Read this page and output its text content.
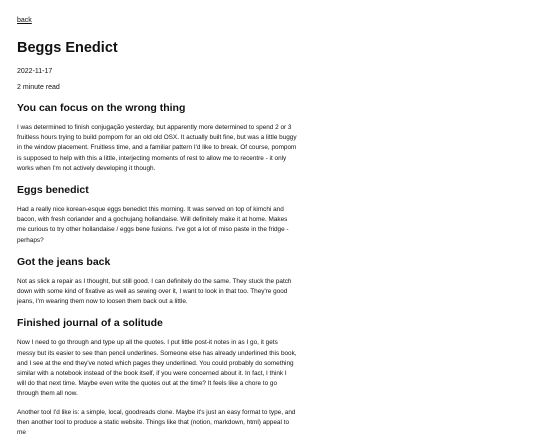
back
Beggs Enedict
2022-11-17
2 minute read
You can focus on the wrong thing

I was determined to finish conjugação yesterday, but apparently more determined to spend 2 or 3 fruitless hours trying to build pompom for an old old OSX. It actually built fine, but was a little buggy in the window placement. Fruitless time, and a familiar pattern I'd like to break. Of course, pompom is supposed to help with this a little, interjecting moments of rest to allow me to recentre - it only works when I'm not actively developing it though.

Eggs benedict

Had a really nice korean-esque eggs benedict this morning. It was served on top of kimchi and bacon, with fresh coriander and a gochujang hollandaise. Will definitely make it at home. Makes me curious to try other hollandaise / eggs bene fusions. I've got a lot of miso paste in the fridge - perhaps?

Got the jeans back

Not as slick a repair as I thought, but still good. I can definitely do the same. They stuck the patch down with some kind of fixative as well as sewing over it, I want to look in that too. They're good jeans, I'm wearing them now to loosen them back out a little.

Finished journal of a solitude

Now I need to go through and type up all the quotes. I put little post-it notes in as I go, it gets messy but its easier to see than pencil underlines. Someone else has already underlined this book, and I see at the end they've noted which pages they underlined. You could probably do something similar with a notebook instead of the book itself, if you were concerned about it. In fact, I think I will do that next time. Maybe even write the quotes out at the time? It feels like a chore to go through them all now.

Another tool I'd like is: a simple, local, goodreads clone. Maybe it's just an easy format to type, and then another tool to produce a static website. Things like that (notion, markdown, html) appeal to me
